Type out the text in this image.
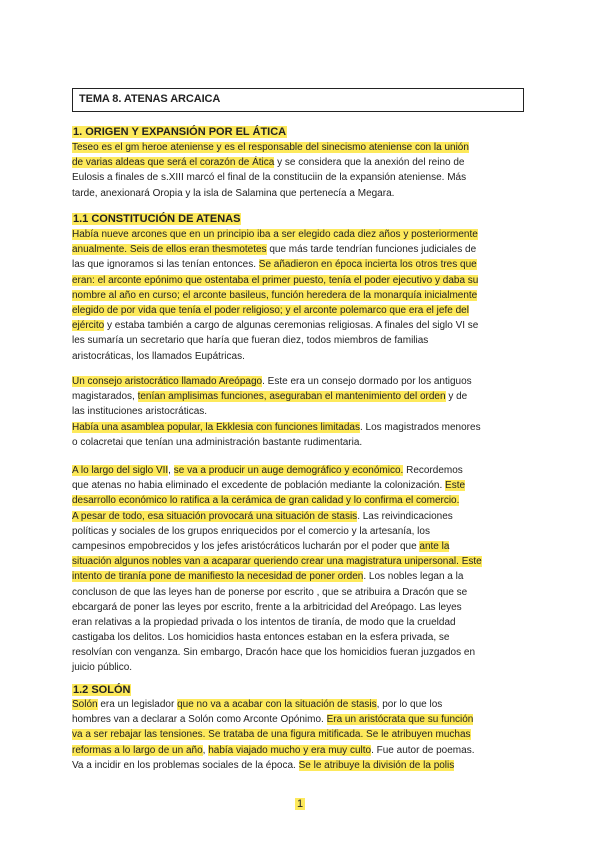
TEMA 8. ATENAS ARCAICA
1. ORIGEN Y EXPANSIÓN POR EL ÁTICA
Teseo es el gm heroe ateniense y es el responsable del sinecismo ateniense con la unión
de varias aldeas que será el corazón de Ática y se considera que la anexión del reino de
Eulosis a finales de s.XIII marcó el final de la constituciin de la expansión ateniense. Más
tarde, anexionará Oropia y la isla de Salamina que pertenecía a Megara.
1.1 CONSTITUCIÓN DE ATENAS
Había nueve arcones que en un principio iba a ser elegido cada diez años y posteriormente
anualmente. Seis de ellos eran thesmotetes que más tarde tendrían funciones judiciales de
las que ignoramos si las tenían entonces. Se añadieron en época incierta los otros tres que
eran: el arconte epónimo que ostentaba el primer puesto, tenía el poder ejecutivo y daba su
nombre al año en curso; el arconte basileus, función heredera de la monarquía inicialmente
elegido de por vida que tenía el poder religioso; y el arconte polemarco que era el jefe del
ejército y estaba también a cargo de algunas ceremonias religiosas. A finales del siglo VI se
les sumaría un secretario que haría que fueran diez, todos miembros de familias
aristocráticas, los llamados Eupátricas.
Un consejo aristocrático llamado Areópago. Este era un consejo dormado por los antiguos
magistarados, tenían amplisimas funciones, aseguraban el mantenimiento del orden y de
las instituciones aristocráticas.
Había una asamblea popular, la Ekklesia con funciones limitadas. Los magistrados menores
o colacretai que tenían una administración bastante rudimentaria.
A lo largo del siglo VII, se va a producir un auge demográfico y económico. Recordemos
que atenas no habia eliminado el excedente de población mediante la colonización. Este
desarrollo económico lo ratifica a la cerámica de gran calidad y lo confirma el comercio.
A pesar de todo, esa situación provocará una situación de stasis. Las reivindicaciones
políticas y sociales de los grupos enriquecidos por el comercio y la artesanía, los
campesinos empobrecidos y los jefes aristócráticos lucharán por el poder que ante la
situación algunos nobles van a acaparar queriendo crear una magistratura unipersonal. Este
intento de tiranía pone de manifiesto la necesidad de poner orden. Los nobles legan a la
concluson de que las leyes han de ponerse por escrito , que se atribuira a Dracón que se
ebcargará de poner las leyes por escrito, frente a la arbitricidad del Areópago. Las leyes
eran relativas a la propiedad privada o los intentos de tiranía, de modo que la crueldad
castigaba los delitos. Los homicidios hasta entonces estaban en la esfera privada, se
resolvían con venganza. Sin embargo, Dracón hace que los homicidios fueran juzgados en
juicio público.
1.2 SOLÓN
Solón era un legislador que no va a acabar con la situación de stasis, por lo que los
hombres van a declarar a Solón como Arconte Opónimo. Era un aristócrata que su función
va a ser rebajar las tensiones. Se trataba de una figura mitificada. Se le atribuyen muchas
reformas a lo largo de un año, había viajado mucho y era muy culto. Fue autor de poemas.
Va a incidir en los problemas sociales de la época. Se le atribuye la división de la polis
1
